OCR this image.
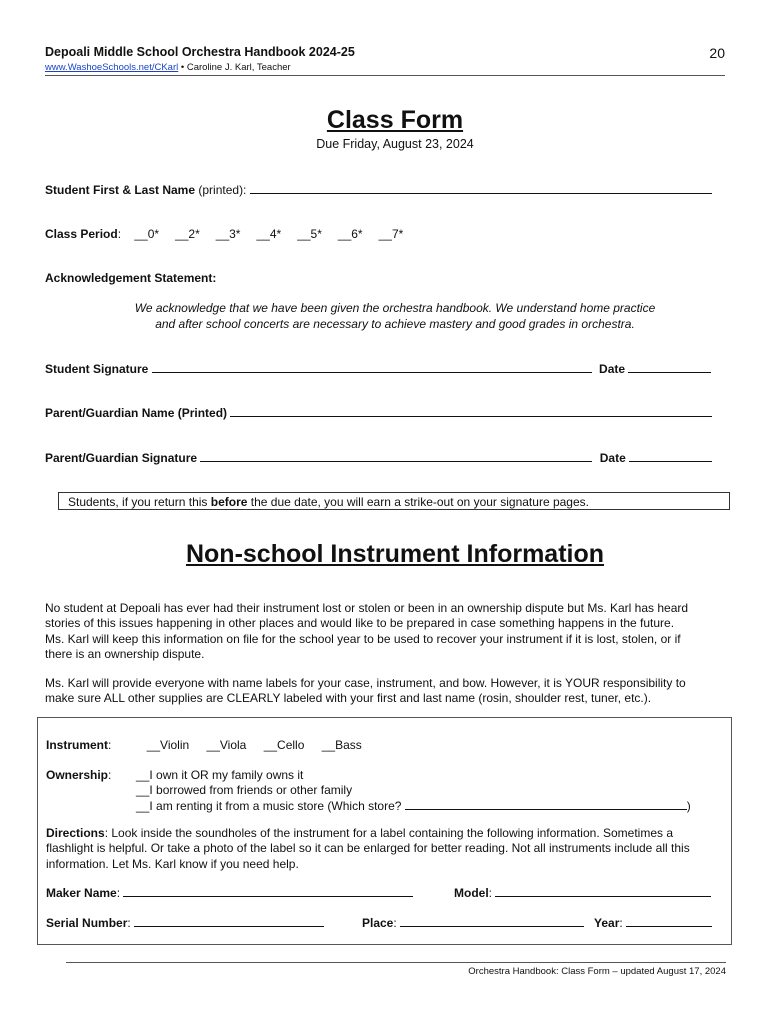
Depoali Middle School Orchestra Handbook 2024-25	20
www.WashoeSchools.net/CKarl • Caroline J. Karl, Teacher
Class Form
Due Friday, August 23, 2024
Student First & Last Name (printed):
Class Period: __0* __2* __3* __4* __5* __6* __7*
Acknowledgement Statement:
We acknowledge that we have been given the orchestra handbook. We understand home practice
and after school concerts are necessary to achieve mastery and good grades in orchestra.
Student Signature	Date
Parent/Guardian Name (Printed)
Parent/Guardian Signature	Date
Students, if you return this before the due date, you will earn a strike-out on your signature pages.
Non-school Instrument Information
No student at Depoali has ever had their instrument lost or stolen or been in an ownership dispute but Ms. Karl has heard
stories of this issues happening in other places and would like to be prepared in case something happens in the future.
Ms. Karl will keep this information on file for the school year to be used to recover your instrument if it is lost, stolen, or if
there is an ownership dispute.
Ms. Karl will provide everyone with name labels for your case, instrument, and bow. However, it is YOUR responsibility to
make sure ALL other supplies are CLEARLY labeled with your first and last name (rosin, shoulder rest, tuner, etc.).
Instrument:	__Violin __Viola __Cello __Bass
Ownership: __I own it OR my family owns it
__I borrowed from friends or other family
__I am renting it from a music store (Which store?	)
Directions: Look inside the soundholes of the instrument for a label containing the following information. Sometimes a
flashlight is helpful. Or take a photo of the label so it can be enlarged for better reading. Not all instruments include all this
information. Let Ms. Karl know if you need help.
Maker Name:	Model:
Serial Number:	Place:	Year:
Orchestra Handbook: Class Form – updated August 17, 2024
